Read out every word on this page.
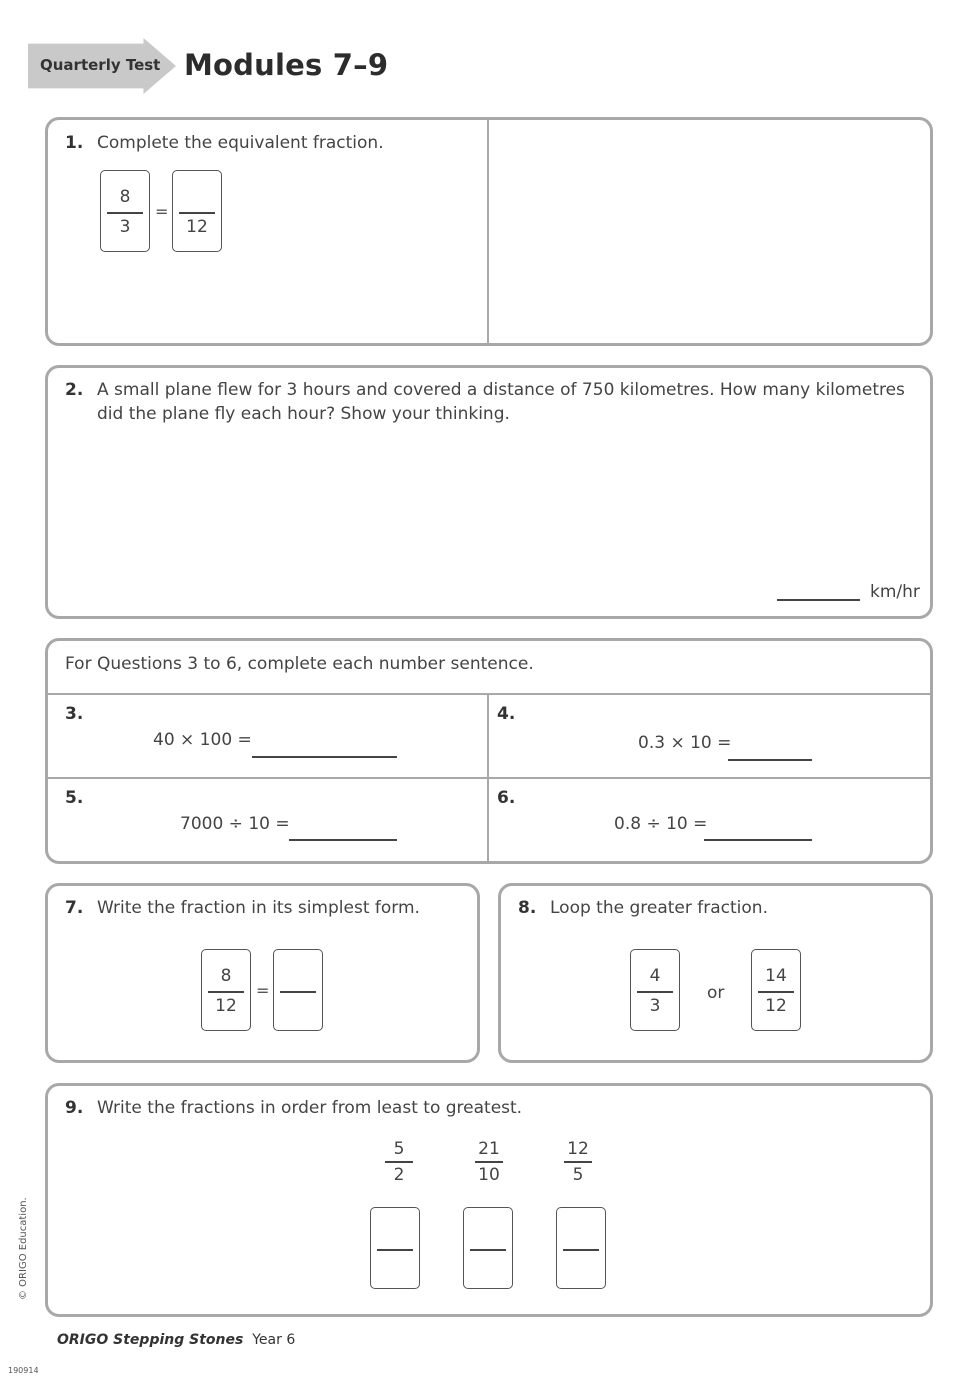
Quarterly Test Modules 7–9
1. Complete the equivalent fraction.
8
3
=
12
2. A small plane flew for 3 hours and covered a distance of 750 kilometres. How many kilometres
did the plane fly each hour? Show your thinking.
km/hr
For Questions 3 to 6, complete each number sentence.
3.
40 × 100 =
4.
0.3 × 10 =
5.
7000 ÷ 10 =
6.
0.8 ÷ 10 =
7. Write the fraction in its simplest form.
8
12
=
8. Loop the greater fraction.
4
3
or
14
12
9. Write the fractions in order from least to greatest.
5
2
21
10
12
5
ORIGO Stepping Stones Year 6
© ORIGO Education.
190914
